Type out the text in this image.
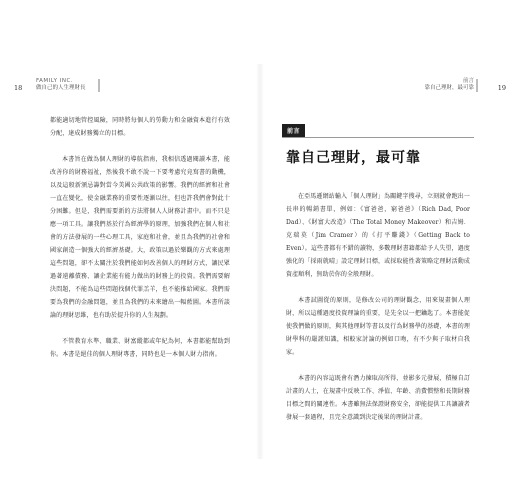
18
FAMILY INC.
做自己的人生理財長

都能適切地管控風險，同時將每個人的勞動力和金融資本進行有效分配，達成財務獨立的目標。

本書旨在做為個人理財的導航指南，我相信透過閱讀本書，能改善你的財務福祉，然後我不敢不說一下要考慮究竟寫書的動機，以及這般新頒忌籌對當今美國公共政策的影響。我們的經濟和社會一直在變化，使金融業務的重要性逐漸以往，但也許我們會對此十分困難。但是，我們需要新的方法將個人人財務計畫中。而不只是應一項工具。讓我們基於行為經濟學的原理，加強我們在個人和社會的方法發展的一些心理工具，家庭和社會，並且為我們的社會和國家創造一個強大的經濟基礎。大，政策以過於樂觀的方式來處理這些問題，卻不太關注於我們能如何改善個人的理財方式，讓民眾過著遠離債務、讓企業能有能力做出的財務上的投資。我們需要解決問題，不能為這些問題找個代罪羔羊，也不能推給國家。我們需要為我們的金融問題，並且為我們的未來繪出一幅藍圖。本書所談論的理財思維，也有助於提升你的人生規劃。

不管教育水準、職業、財富縱都或年紀為何，本書都能幫助到你。本書是絕佳的個人理財專書，同時也是一本個人財力指南。

19
前言
靠自己理財，最可靠
前言
靠自己理財，最可靠

在亞馬遜網站輸入「個人理財」為關鍵字搜尋，立刻就會跑出一長串的暢銷書單，例如：《富爸爸，窮爸爸》（Rich Dad, Poor Dad）、《財富大改造》（The Total Money Makeover）和吉姆．克瑞莫（Jim Cramer）的《打平賺錢》（Getting Back to Even）。這些書都有不錯的讀物，多數理財書籍都給予人失望，過度強化的「採雨就晴」設定理財目標，或採取能性著策略定理財活動成資產順利，無助於你的全般理財。

本書試圖從的原則，是修改公司的理財觀念，用來規畫個人理財，所以這種過度投資理論的重要，是先全以一把鑰匙了。本書能促使我們做的原則，與其他理財等書以及行為財務學的基礎，本書的理財學科的嚴謹知識，相較家討論的例如口吻，有不少與子取材自我家。

本書的內容這既會有潛力揀取高所得，並影多元發展，積極自訂計畫的人士，在規畫中反映工作、淨值、年齡、消費慣整和長期財務目標之間的關連性。本書雖無法保證財務安全，卻能提供工具讓讀者發展一套過程，且完全意識到決定後果的理財計畫。
